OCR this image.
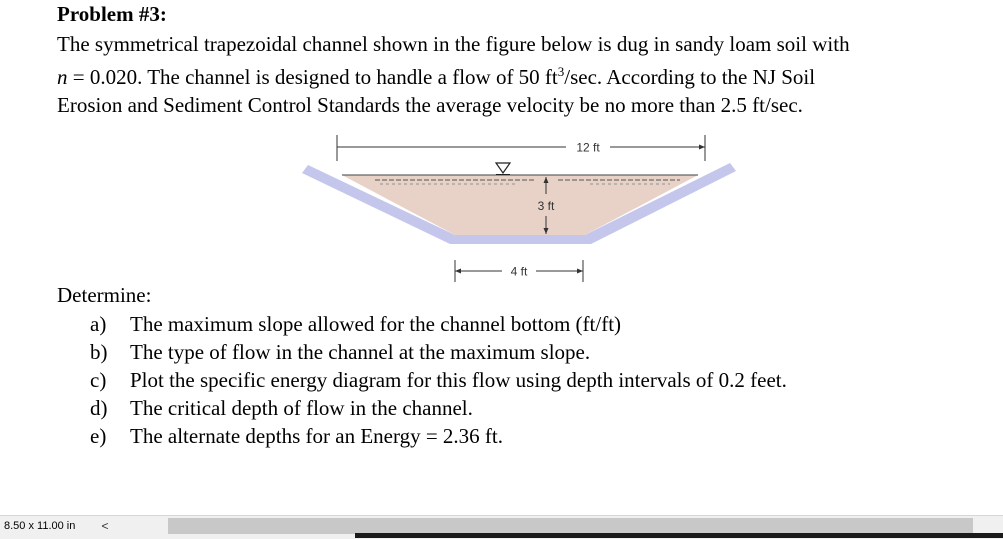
Problem #3:
The symmetrical trapezoidal channel shown in the figure below is dug in sandy loam soil with
n = 0.020. The channel is designed to handle a flow of 50 $ft^3/\sec$. According to the NJ Soil
Erosion and Sediment Control Standards the average velocity be no more than 2.5 ft/sec.
12 ft
3 ft
4 ft
Determine:
a)	The maximum slope allowed for the channel bottom (ft/ft)
b)	The type of flow in the channel at the maximum slope.
c)	Plot the specific energy diagram for this flow using depth intervals of 0.2 feet.
d)	The critical depth of flow in the channel.
e)	The alternate depths for an Energy = 2.36 ft.
8.50 x 11.00 in <
